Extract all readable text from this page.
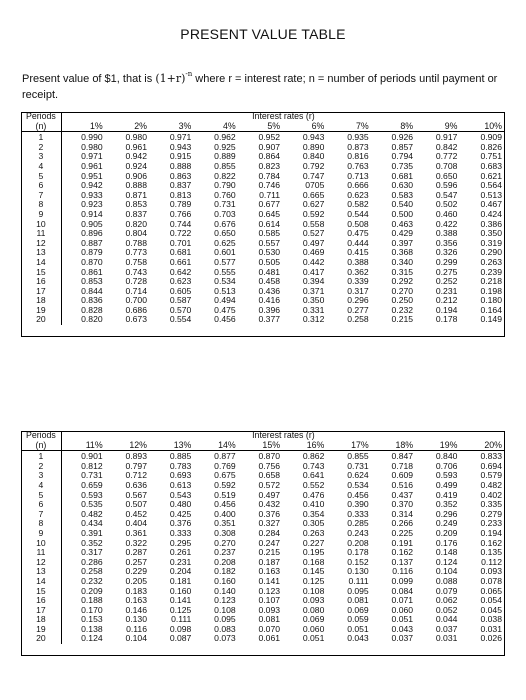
PRESENT VALUE TABLE
Present value of $1, that is $(1+r)^{-n}$ where r = interest rate; n = number of periods until payment or receipt.
Periods	Interest rates (r)									
(n)	1%	2%	3%	4%	5%	6%	7%	8%	9%	10%
1	0.990	0.980	0.971	0.962	0.952	0.943	0.935	0.926	0.917	0.909
2	0.980	0.961	0.943	0.925	0.907	0.890	0.873	0.857	0.842	0.826
3	0.971	0.942	0.915	0.889	0.864	0.840	0.816	0.794	0.772	0.751
4	0.961	0.924	0.888	0.855	0.823	0.792	0.763	0.735	0.708	0.683
5	0.951	0.906	0.863	0.822	0.784	0.747	0.713	0.681	0.650	0.621
6	0.942	0.888	0.837	0.790	0.746	0705	0.666	0.630	0.596	0.564
7	0.933	0.871	0.813	0.760	0.711	0.665	0.623	0.583	0.547	0.513
8	0.923	0.853	0.789	0.731	0.677	0.627	0.582	0.540	0.502	0.467
9	0.914	0.837	0.766	0.703	0.645	0.592	0.544	0.500	0.460	0.424
10	0.905	0.820	0.744	0.676	0.614	0.558	0.508	0.463	0.422	0.386
11	0.896	0.804	0.722	0.650	0.585	0.527	0.475	0.429	0.388	0.350
12	0.887	0.788	0.701	0.625	0.557	0.497	0.444	0.397	0.356	0.319
13	0.879	0.773	0.681	0.601	0.530	0.469	0.415	0.368	0.326	0.290
14	0.870	0.758	0.661	0.577	0.505	0.442	0.388	0.340	0.299	0.263
15	0.861	0.743	0.642	0.555	0.481	0.417	0.362	0.315	0.275	0.239
16	0.853	0.728	0.623	0.534	0.458	0.394	0.339	0.292	0.252	0.218
17	0.844	0.714	0.605	0.513	0.436	0.371	0.317	0.270	0.231	0.198
18	0.836	0.700	0.587	0.494	0.416	0.350	0.296	0.250	0.212	0.180
19	0.828	0.686	0.570	0.475	0.396	0.331	0.277	0.232	0.194	0.164
20	0.820	0.673	0.554	0.456	0.377	0.312	0.258	0.215	0.178	0.149
Periods	Interest rates (r)									
(n)	11%	12%	13%	14%	15%	16%	17%	18%	19%	20%
1	0.901	0.893	0.885	0.877	0.870	0.862	0.855	0.847	0.840	0.833
2	0.812	0.797	0.783	0.769	0.756	0.743	0.731	0.718	0.706	0.694
3	0.731	0.712	0.693	0.675	0.658	0.641	0.624	0.609	0.593	0.579
4	0.659	0.636	0.613	0.592	0.572	0.552	0.534	0.516	0.499	0.482
5	0.593	0.567	0.543	0.519	0.497	0.476	0.456	0.437	0.419	0.402
6	0.535	0.507	0.480	0.456	0.432	0.410	0.390	0.370	0.352	0.335
7	0.482	0.452	0.425	0.400	0.376	0.354	0.333	0.314	0.296	0.279
8	0.434	0.404	0.376	0.351	0.327	0.305	0.285	0.266	0.249	0.233
9	0.391	0.361	0.333	0.308	0.284	0.263	0.243	0.225	0.209	0.194
10	0.352	0.322	0.295	0.270	0.247	0.227	0.208	0.191	0.176	0.162
11	0.317	0.287	0.261	0.237	0.215	0.195	0.178	0.162	0.148	0.135
12	0.286	0.257	0.231	0.208	0.187	0.168	0.152	0.137	0.124	0.112
13	0.258	0.229	0.204	0.182	0.163	0.145	0.130	0.116	0.104	0.093
14	0.232	0.205	0.181	0.160	0.141	0.125	0.111	0.099	0.088	0.078
15	0.209	0.183	0.160	0.140	0.123	0.108	0.095	0.084	0.079	0.065
16	0.188	0.163	0.141	0.123	0.107	0.093	0.081	0.071	0.062	0.054
17	0.170	0.146	0.125	0.108	0.093	0.080	0.069	0.060	0.052	0.045
18	0.153	0.130	0.111	0.095	0.081	0.069	0.059	0.051	0.044	0.038
19	0.138	0.116	0.098	0.083	0.070	0.060	0.051	0.043	0.037	0.031
20	0.124	0.104	0.087	0.073	0.061	0.051	0.043	0.037	0.031	0.026
